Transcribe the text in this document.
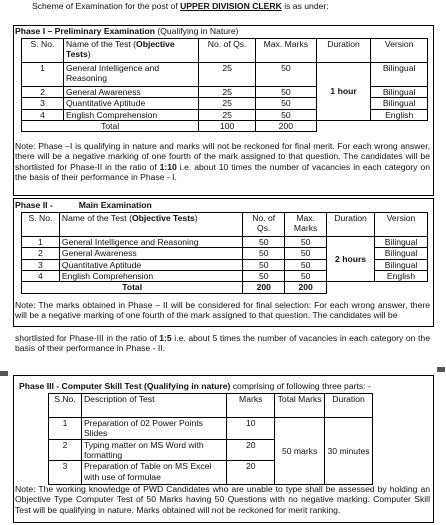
Scheme of Examination for the post of UPPER DIVISION CLERK is as under:
Phase I – Preliminary Examination (Qualifying in Nature)
S. No.	Name of the Test (Objective Tests)	No. of Qs.	Max. Marks	Duration	Version
1	General Intelligence and Reasoning	25	50	1 hour	Bilingual
2	General Awareness	25	50		Bilingual
3	Quantitative Aptitude	25	50		Bilingual
4	English Comprehension	25	50		English
Total		100	200		
Note: Phase –I is qualifying in nature and marks will not be reckoned for final merit. For each wrong answer, there will be a negative marking of one fourth of the mark assigned to that question. The candidates will be shortlisted for Phase-II in the ratio of 1:10 i.e. about 10 times the number of vacancies in each category on the basis of their performance in Phase - I.
Phase II -	Main Examination
S. No.	Name of the Test (Objective Tests)	No. of Qs.	Max. Marks	Duration	Version
1	General Intelligence and Reasoning	50	50	2 hours	Bilingual
2	General Awareness	50	50		Bilingual
3	Quantitative Aptitude	50	50		Bilingual
4	English Comprehension	50	50		English
Total		200	200		
Note: The marks obtained in Phase – II will be considered for final selection: For each wrong answer, there will be a negative marking of one fourth of the mark assigned to that question. The candidates will be
shortlisted for Phase-III in the ratio of 1:5 i.e. about 5 times the number of vacancies in each category on the basis of their performance in Phase - II.
Phase III - Computer Skill Test (Qualifying in nature) comprising of following three parts: -
S.No.	Description of Test	Marks	Total Marks	Duration
1	Preparation of 02 Power Points Slides	10	50 marks	30 minutes
2	Typing matter on MS Word with formatting	20		
3	Preparation of Table on MS Excel with use of formulae	20		
Note: The working knowledge of PWD Candidates who are unable to type shall be assessed by holding an Objective Type Computer Test of 50 Marks having 50 Questions with no negative marking. Computer Skill Test will be qualifying in nature. Marks obtained will not be reckoned for merit ranking.
